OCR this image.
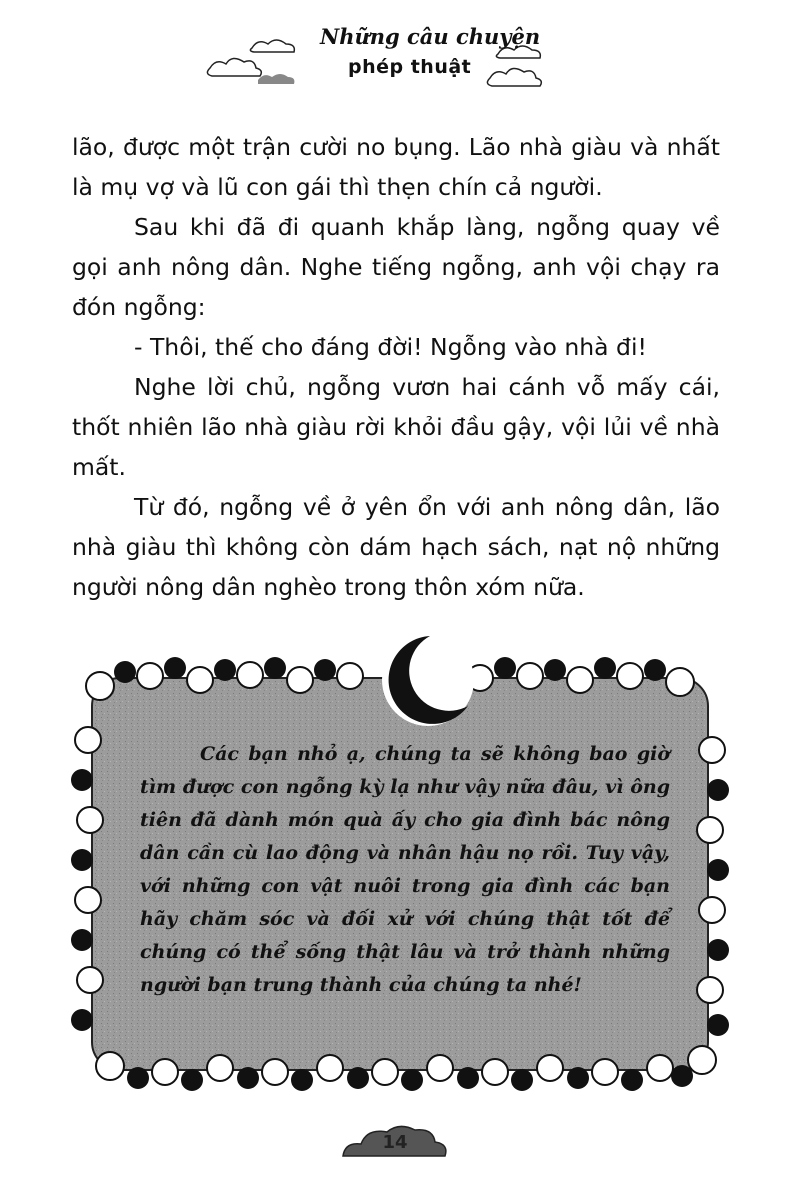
Những câu chuyện
phép thuật

lão, được một trận cười no bụng. Lão nhà giàu và nhất là mụ vợ và lũ con gái thì thẹn chín cả người.

Sau khi đã đi quanh khắp làng, ngỗng quay về gọi anh nông dân. Nghe tiếng ngỗng, anh vội chạy ra đón ngỗng:

- Thôi, thế cho đáng đời! Ngỗng vào nhà đi!

Nghe lời chủ, ngỗng vươn hai cánh vỗ mấy cái, thốt nhiên lão nhà giàu rời khỏi đầu gậy, vội lủi về nhà mất.

Từ đó, ngỗng về ở yên ổn với anh nông dân, lão nhà giàu thì không còn dám hạch sách, nạt nộ những người nông dân nghèo trong thôn xóm nữa.

Các bạn nhỏ ạ, chúng ta sẽ không bao giờ tìm được con ngỗng kỳ lạ như vậy nữa đâu, vì ông tiên đã dành món quà ấy cho gia đình bác nông dân cần cù lao động và nhân hậu nọ rồi. Tuy vậy, với những con vật nuôi trong gia đình các bạn hãy chăm sóc và đối xử với chúng thật tốt để chúng có thể sống thật lâu và trở thành những người bạn trung thành của chúng ta nhé!
14
